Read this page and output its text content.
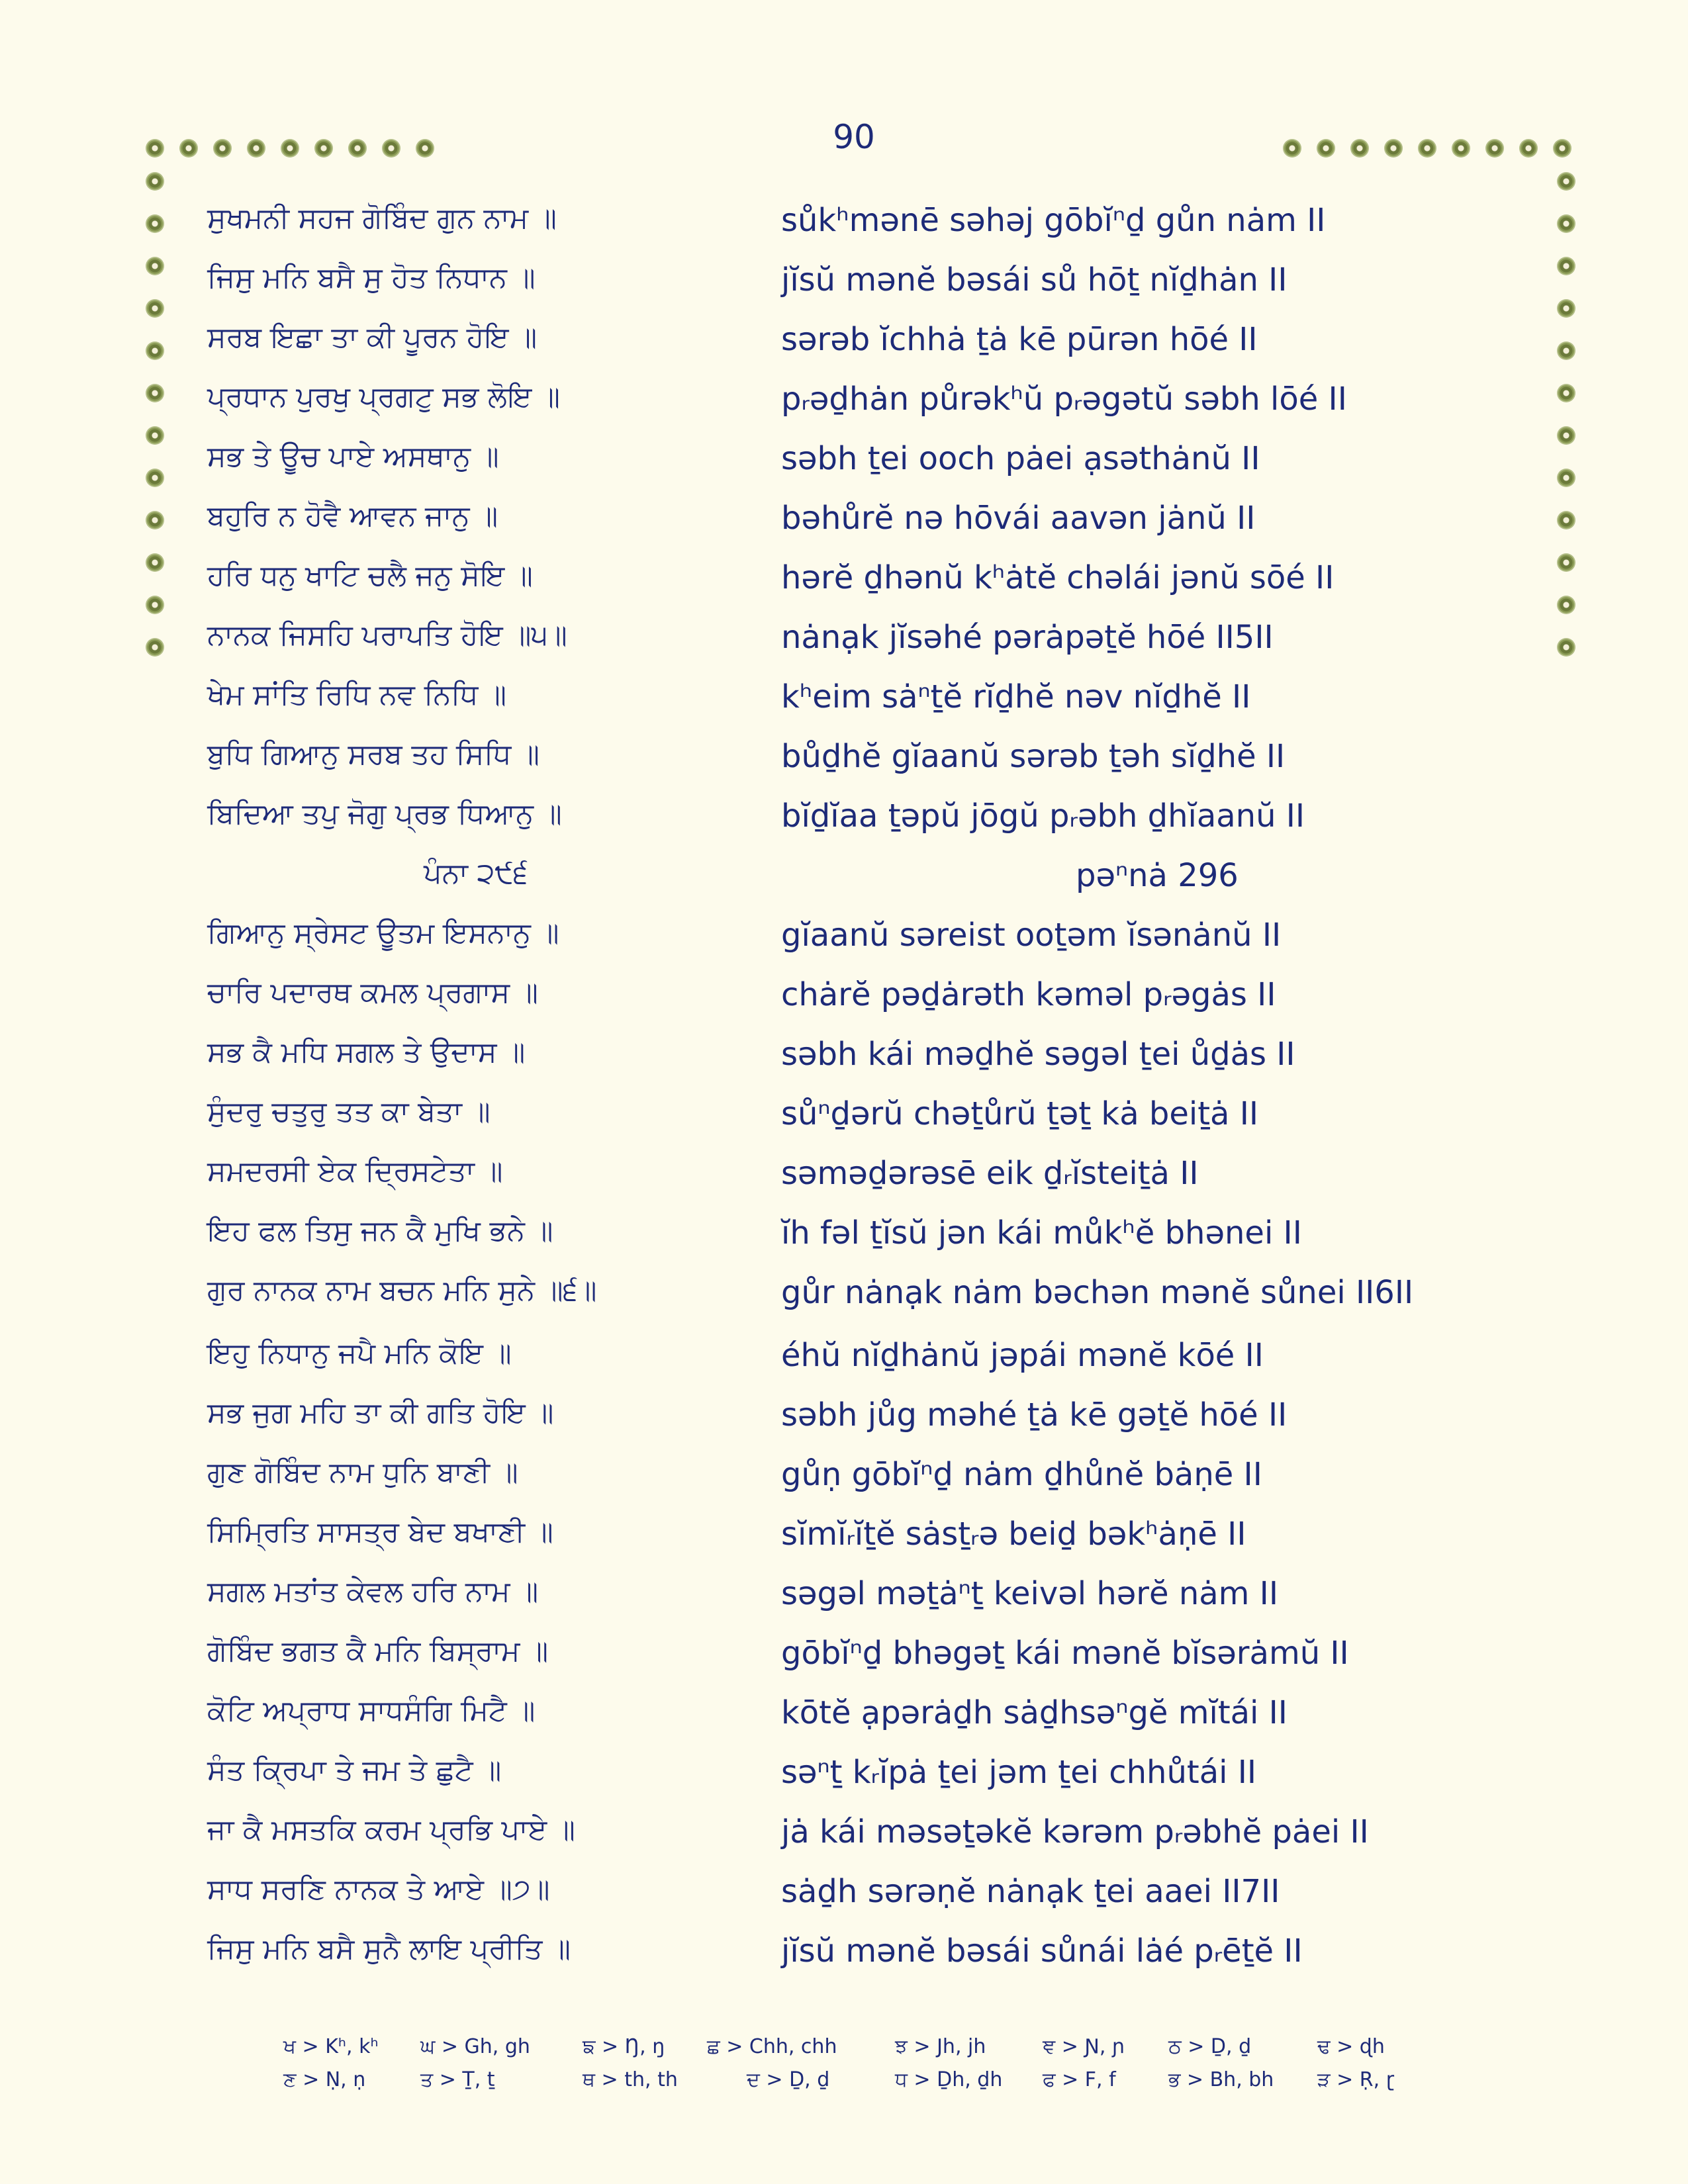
90
ਸੁਖਮਨੀ ਸਹਜ ਗੋਬਿੰਦ ਗੁਨ ਨਾਮ ॥	sůkʰmənē səhəj gōbĭⁿḏ gůn nȧm II
ਜਿਸੁ ਮਨਿ ਬਸੈ ਸੁ ਹੋਤ ਨਿਧਾਨ ॥	jĭsŭ mənĕ bəsái sů hōṯ nĭḏhȧn II
ਸਰਬ ਇਛਾ ਤਾ ਕੀ ਪੂਰਨ ਹੋਇ ॥	sərəb ĭchhȧ ṯȧ kē pūrən hōé II
ਪ੍ਰਧਾਨ ਪੁਰਖੁ ਪ੍ਰਗਟੁ ਸਭ ਲੋਇ ॥	pᵣəḏhȧn půrəkʰŭ pᵣəgətŭ səbh lōé II
ਸਭ ਤੇ ਊਚ ਪਾਏ ਅਸਥਾਨੁ ॥	səbh ṯei ooch pȧei ạsəthȧnŭ II
ਬਹੁਰਿ ਨ ਹੋਵੈ ਆਵਨ ਜਾਨੁ ॥	bəhůrĕ nə hōvái aavən jȧnŭ II
ਹਰਿ ਧਨੁ ਖਾਟਿ ਚਲੈ ਜਨੁ ਸੋਇ ॥	hərĕ ḏhənŭ kʰȧtĕ chəlái jənŭ sōé II
ਨਾਨਕ ਜਿਸਹਿ ਪਰਾਪਤਿ ਹੋਇ ॥੫॥	nȧnạk jĭsəhé pərȧpəṯĕ hōé II5II
ਖੇਮ ਸਾਂਤਿ ਰਿਧਿ ਨਵ ਨਿਧਿ ॥	kʰeim sȧⁿṯĕ rĭḏhĕ nəv nĭḏhĕ II
ਬੁਧਿ ਗਿਆਨੁ ਸਰਬ ਤਹ ਸਿਧਿ ॥	bůḏhĕ gĭaanŭ sərəb ṯəh sĭḏhĕ II
ਬਿਦਿਆ ਤਪੁ ਜੋਗੁ ਪ੍ਰਭ ਧਿਆਨੁ ॥	bĭḏĭaa ṯəpŭ jōgŭ pᵣəbh ḏhĭaanŭ II
ਪੰਨਾ ੨੯੬	pəⁿnȧ 296
ਗਿਆਨੁ ਸ੍ਰੇਸਟ ਊਤਮ ਇਸਨਾਨੁ ॥	gĭaanŭ səreist ooṯəm ĭsənȧnŭ II
ਚਾਰਿ ਪਦਾਰਥ ਕਮਲ ਪ੍ਰਗਾਸ ॥	chȧrĕ pəḏȧrəth kəməl pᵣəgȧs II
ਸਭ ਕੈ ਮਧਿ ਸਗਲ ਤੇ ਉਦਾਸ ॥	səbh kái məḏhĕ səgəl ṯei ůḏȧs II
ਸੁੰਦਰੁ ਚਤੁਰੁ ਤਤ ਕਾ ਬੇਤਾ ॥	sůⁿḏərŭ chəṯůrŭ ṯəṯ kȧ beiṯȧ II
ਸਮਦਰਸੀ ਏਕ ਦ੍ਰਿਸਟੇਤਾ ॥	səməḏərəsē eik ḏᵣĭsteiṯȧ II
ਇਹ ਫਲ ਤਿਸੁ ਜਨ ਕੈ ਮੁਖਿ ਭਨੇ ॥	ĭh fəl ṯĭsŭ jən kái můkʰĕ bhənei II
ਗੁਰ ਨਾਨਕ ਨਾਮ ਬਚਨ ਮਨਿ ਸੁਨੇ ॥੬॥	gůr nȧnạk nȧm bəchən mənĕ sůnei II6II
ਇਹੁ ਨਿਧਾਨੁ ਜਪੈ ਮਨਿ ਕੋਇ ॥	éhŭ nĭḏhȧnŭ jəpái mənĕ kōé II
ਸਭ ਜੁਗ ਮਹਿ ਤਾ ਕੀ ਗਤਿ ਹੋਇ ॥	səbh jůg məhé ṯȧ kē gəṯĕ hōé II
ਗੁਣ ਗੋਬਿੰਦ ਨਾਮ ਧੁਨਿ ਬਾਣੀ ॥	gůṇ gōbĭⁿḏ nȧm ḏhůnĕ bȧṇē II
ਸਿਮ੍ਰਿਤਿ ਸਾਸਤ੍ਰ ਬੇਦ ਬਖਾਣੀ ॥	sĭmĭᵣĭṯĕ sȧsṯᵣə beiḏ bəkʰȧṇē II
ਸਗਲ ਮਤਾਂਤ ਕੇਵਲ ਹਰਿ ਨਾਮ ॥	səgəl məṯȧⁿṯ keivəl hərĕ nȧm II
ਗੋਬਿੰਦ ਭਗਤ ਕੈ ਮਨਿ ਬਿਸ੍ਰਾਮ ॥	gōbĭⁿḏ bhəgəṯ kái mənĕ bĭsərȧmŭ II
ਕੋਟਿ ਅਪ੍ਰਾਧ ਸਾਧਸੰਗਿ ਮਿਟੈ ॥	kōtĕ ạpərȧḏh sȧḏhsəⁿgĕ mĭtái II
ਸੰਤ ਕ੍ਰਿਪਾ ਤੇ ਜਮ ਤੇ ਛੁਟੈ ॥	səⁿṯ kᵣĭpȧ ṯei jəm ṯei chhůtái II
ਜਾ ਕੈ ਮਸਤਕਿ ਕਰਮ ਪ੍ਰਭਿ ਪਾਏ ॥	jȧ kái məsəṯəkĕ kərəm pᵣəbhĕ pȧei II
ਸਾਧ ਸਰਣਿ ਨਾਨਕ ਤੇ ਆਏ ॥੭॥	sȧḏh sərəṇĕ nȧnạk ṯei aaei II7II
ਜਿਸੁ ਮਨਿ ਬਸੈ ਸੁਨੈ ਲਾਇ ਪ੍ਰੀਤਿ ॥	jĭsŭ mənĕ bəsái sůnái lȧé pᵣēṯĕ II
ਖ > Kʰ, kʰ ਘ > Gh, gh	ਙ > Ŋ, ŋ ਛ > Chh, chh	ਝ > Jh, jh	ਞ > Ɲ, ɲ ਠ > Ḏ, ḏ	ਢ > ɖh
ਣ > Ṇ, ṇ	ਤ > Ṯ, ṯ	ਥ > th, th	ਦ > Ḏ, ḏ	ਧ > Ḏh, ḏh ਫ > F, f	ਭ > Bh, bh ੜ > Ṛ, ɽ
